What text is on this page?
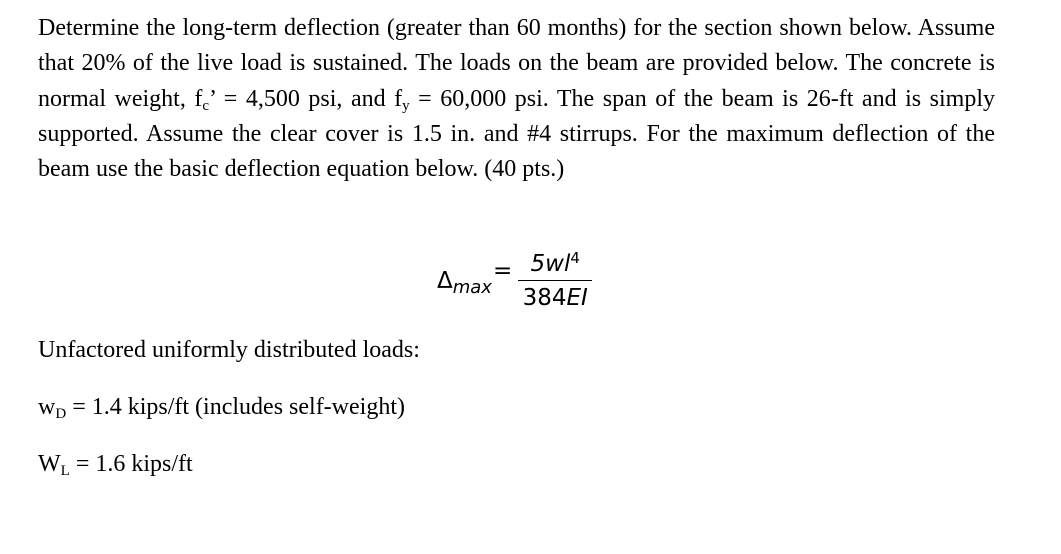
Determine the long-term deflection (greater than 60 months) for the section shown below. Assume that 20% of the live load is sustained. The loads on the beam are provided below. The concrete is normal weight, $f_c$’ = 4,500 psi, and $f_y = 60,000$ psi. The span of the beam is 26-ft and is simply supported. Assume the clear cover is 1.5 in. and #4 stirrups. For the maximum deflection of the beam use the basic deflection equation below. (40 pts.)

$\Delta_{max}$
= $\frac{5wl^4}{384EI}$

Unfactored uniformly distributed loads:

$w_D = 1.4$ kips/ft (includes self-weight)

$W_L = 1.6$ kips/ft
